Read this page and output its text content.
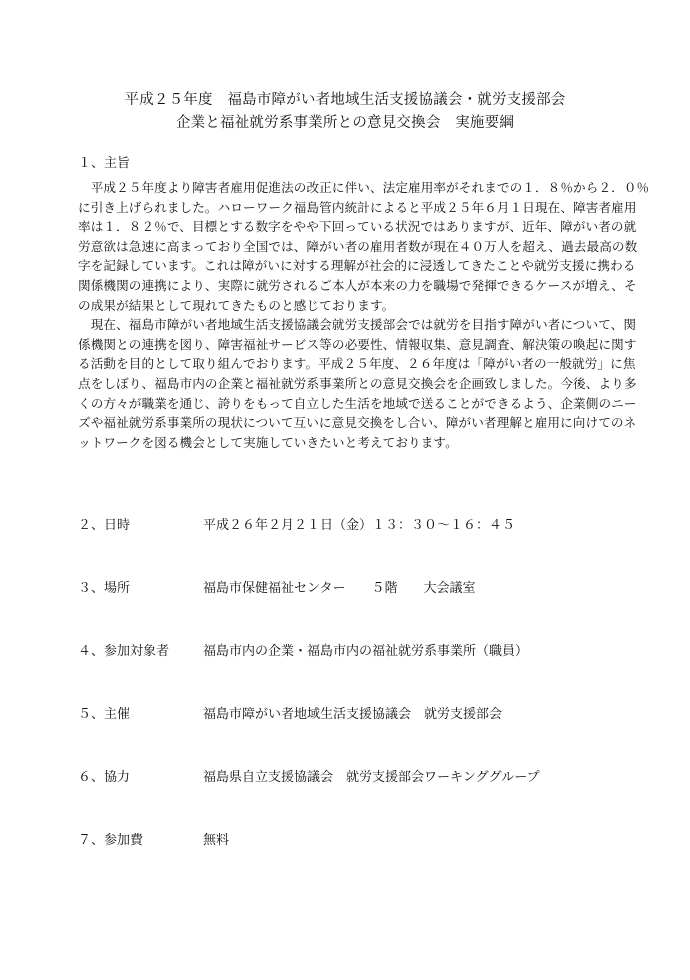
平成２５年度　福島市障がい者地域生活支援協議会・就労支援部会
企業と福祉就労系事業所との意見交換会　実施要綱
１、主旨
　平成２５年度より障害者雇用促進法の改正に伴い、法定雇用率がそれまでの１．８％から２．０％
に引き上げられました。ハローワーク福島管内統計によると平成２５年６月１日現在、障害者雇用
率は１．８２％で、目標とする数字をやや下回っている状況ではありますが、近年、障がい者の就
労意欲は急速に高まっており全国では、障がい者の雇用者数が現在４０万人を超え、過去最高の数
字を記録しています。これは障がいに対する理解が社会的に浸透してきたことや就労支援に携わる
関係機関の連携により、実際に就労されるご本人が本来の力を職場で発揮できるケースが増え、そ
の成果が結果として現れてきたものと感じております。
　現在、福島市障がい者地域生活支援協議会就労支援部会では就労を目指す障がい者について、関
係機関との連携を図り、障害福祉サービス等の必要性、情報収集、意見調査、解決策の喚起に関す
る活動を目的として取り組んでおります。平成２５年度、２６年度は「障がい者の一般就労」に焦
点をしぼり、福島市内の企業と福祉就労系事業所との意見交換会を企画致しました。今後、より多
くの方々が職業を通じ、誇りをもって自立した生活を地域で送ることができるよう、企業側のニー
ズや福祉就労系事業所の現状について互いに意見交換をし合い、障がい者理解と雇用に向けてのネ
ットワークを図る機会として実施していきたいと考えております。
２、日時	平成２６年２月２１日（金）１３：３０～１６：４５
３、場所	福島市保健福祉センター　　５階　　大会議室
４、参加対象者	福島市内の企業・福島市内の福祉就労系事業所（職員）
５、主催	福島市障がい者地域生活支援協議会　就労支援部会
６、協力	福島県自立支援協議会　就労支援部会ワーキンググループ
７、参加費	無料
